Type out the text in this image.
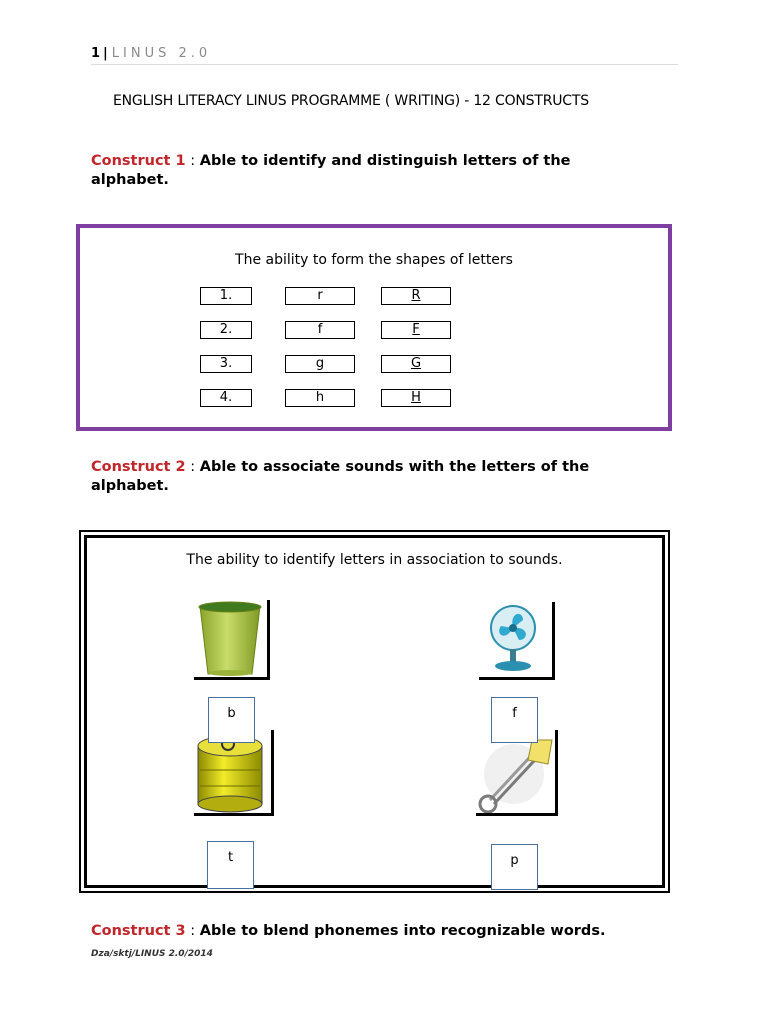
1 | LINUS 2.0
ENGLISH LITERACY LINUS PROGRAMME ( WRITING) - 12 CONSTRUCTS
Construct 1 : Able to identify and distinguish letters of the alphabet.
The ability to form the shapes of letters
1.	r	R
2.	f	F
3.	g	G
4.	h	H
Construct 2 : Able to associate sounds with the letters of the alphabet.
The ability to identify letters in association to sounds.
b	f
t	p
Construct 3 : Able to blend phonemes into recognizable words.
Dza/sktj/LINUS 2.0/2014
